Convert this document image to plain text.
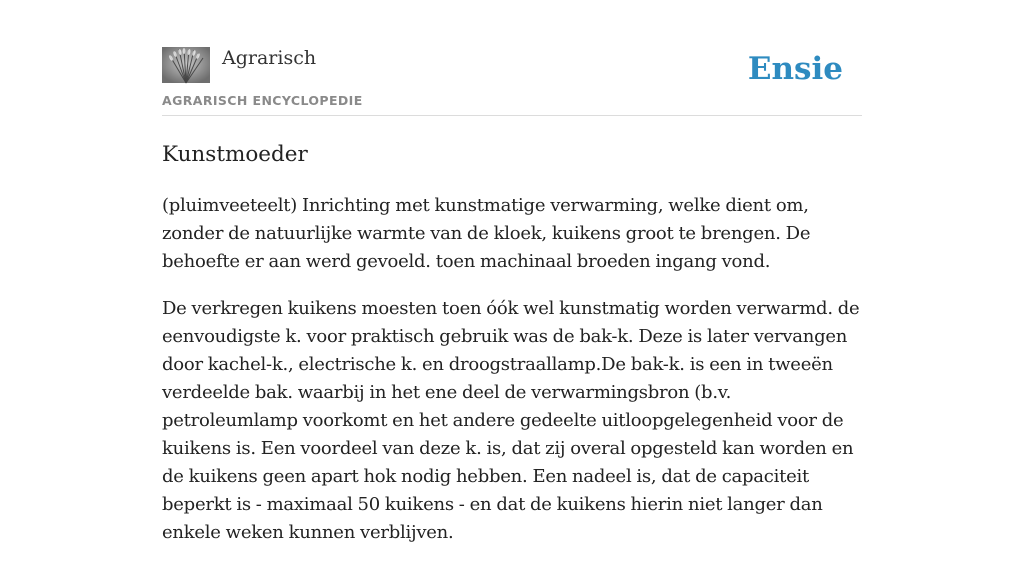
Agrarisch
AGRARISCH ENCYCLOPEDIE
Ensie
Kunstmoeder

(pluimveeteelt) Inrichting met kunstmatige verwarming, welke dient om, zonder de natuurlijke warmte van de kloek, kuikens groot te brengen. De behoefte er aan werd gevoeld. toen machinaal broeden ingang vond.

De verkregen kuikens moesten toen óók wel kunstmatig worden verwarmd. de eenvoudigste k. voor praktisch gebruik was de bak-k. Deze is later vervangen door kachel-k., electrische k. en droogstraallamp.De bak-k. is een in tweeën verdeelde bak. waarbij in het ene deel de verwarmingsbron (b.v. petroleumlamp voorkomt en het andere gedeelte uitloopgelegenheid voor de kuikens is. Een voordeel van deze k. is, dat zij overal opgesteld kan worden en de kuikens geen apart hok nodig hebben. Een nadeel is, dat de capaciteit beperkt is - maximaal 50 kuikens - en dat de kuikens hierin niet langer dan enkele weken kunnen verblijven.
